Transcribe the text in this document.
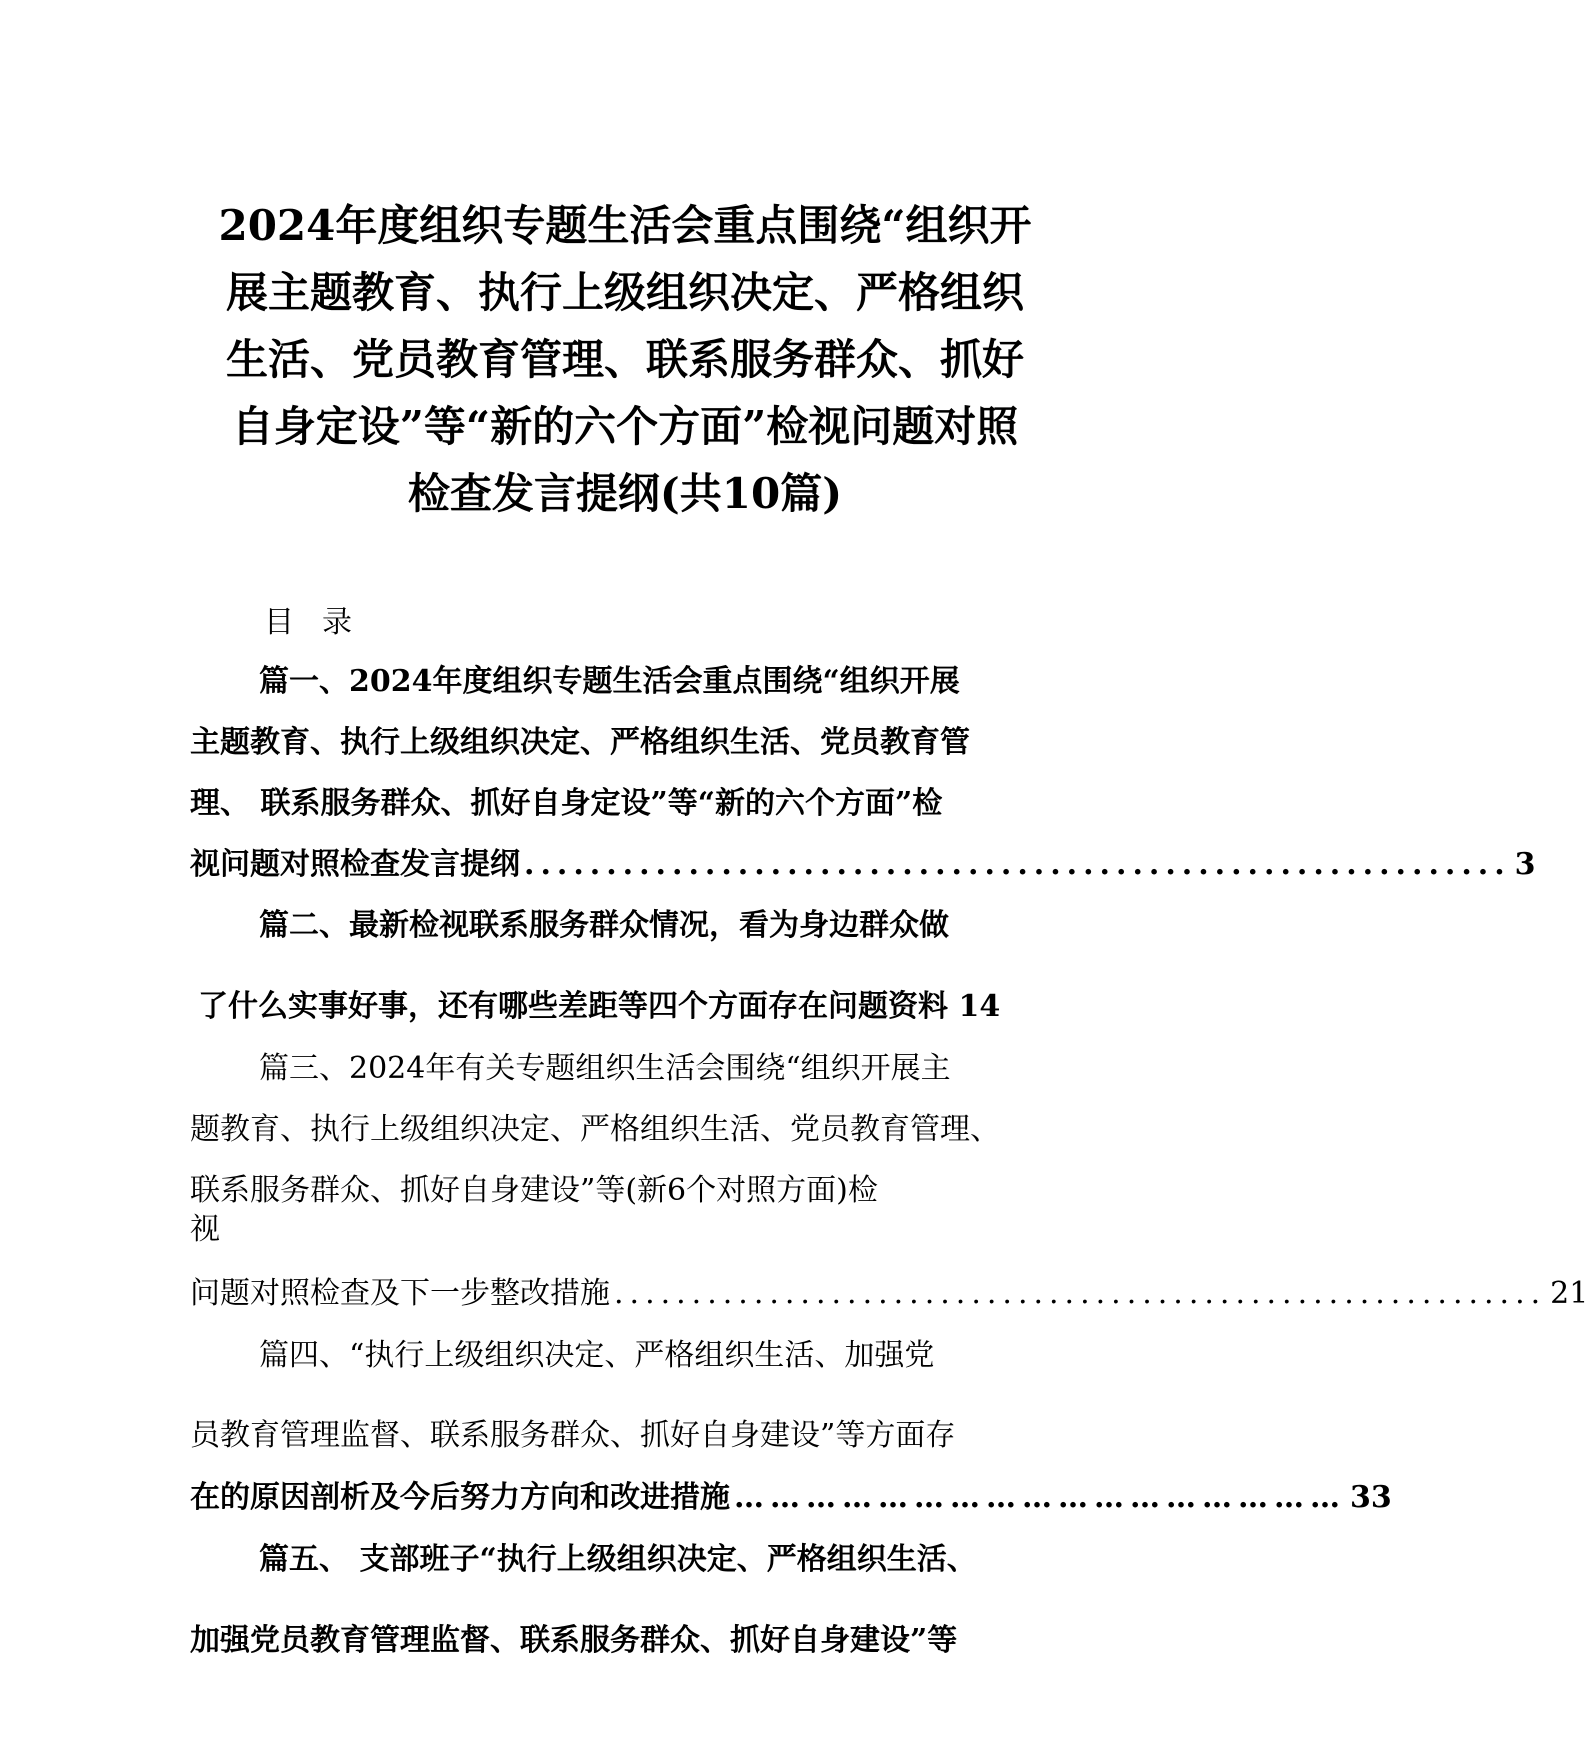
2024年度组织专题生活会重点围绕“组织开
展主题教育、执行上级组织决定、严格组织
生活、党员教育管理、联系服务群众、抓好
自身定设”等“新的六个方面”检视问题对照
检查发言提纲(共10篇)
目录
篇一、2024年度组织专题生活会重点围绕“组织开展
主题教育、执行上级组织决定、严格组织生活、党员教育管
理、 联系服务群众、抓好自身定设”等“新的六个方面”检
视问题对照检查发言提纲 ............................................................ 3
篇二、最新检视联系服务群众情况，看为身边群众做
了什么实事好事，还有哪些差距等四个方面存在问题资料 14
篇三、2024年有关专题组织生活会围绕“组织开展主
题教育、执行上级组织决定、严格组织生活、党员教育管理、
联系服务群众、抓好自身建设”等(新6个对照方面)检
视
问题对照检查及下一步整改措施 ............................................................ 21
篇四、“执行上级组织决定、严格组织生活、加强党
员教育管理监督、联系服务群众、抓好自身建设”等方面存
在的原因剖析及今后努力方向和改进措施 …………………………………………… 33
篇五、 支部班子“执行上级组织决定、严格组织生活、
加强党员教育管理监督、联系服务群众、抓好自身建设”等
